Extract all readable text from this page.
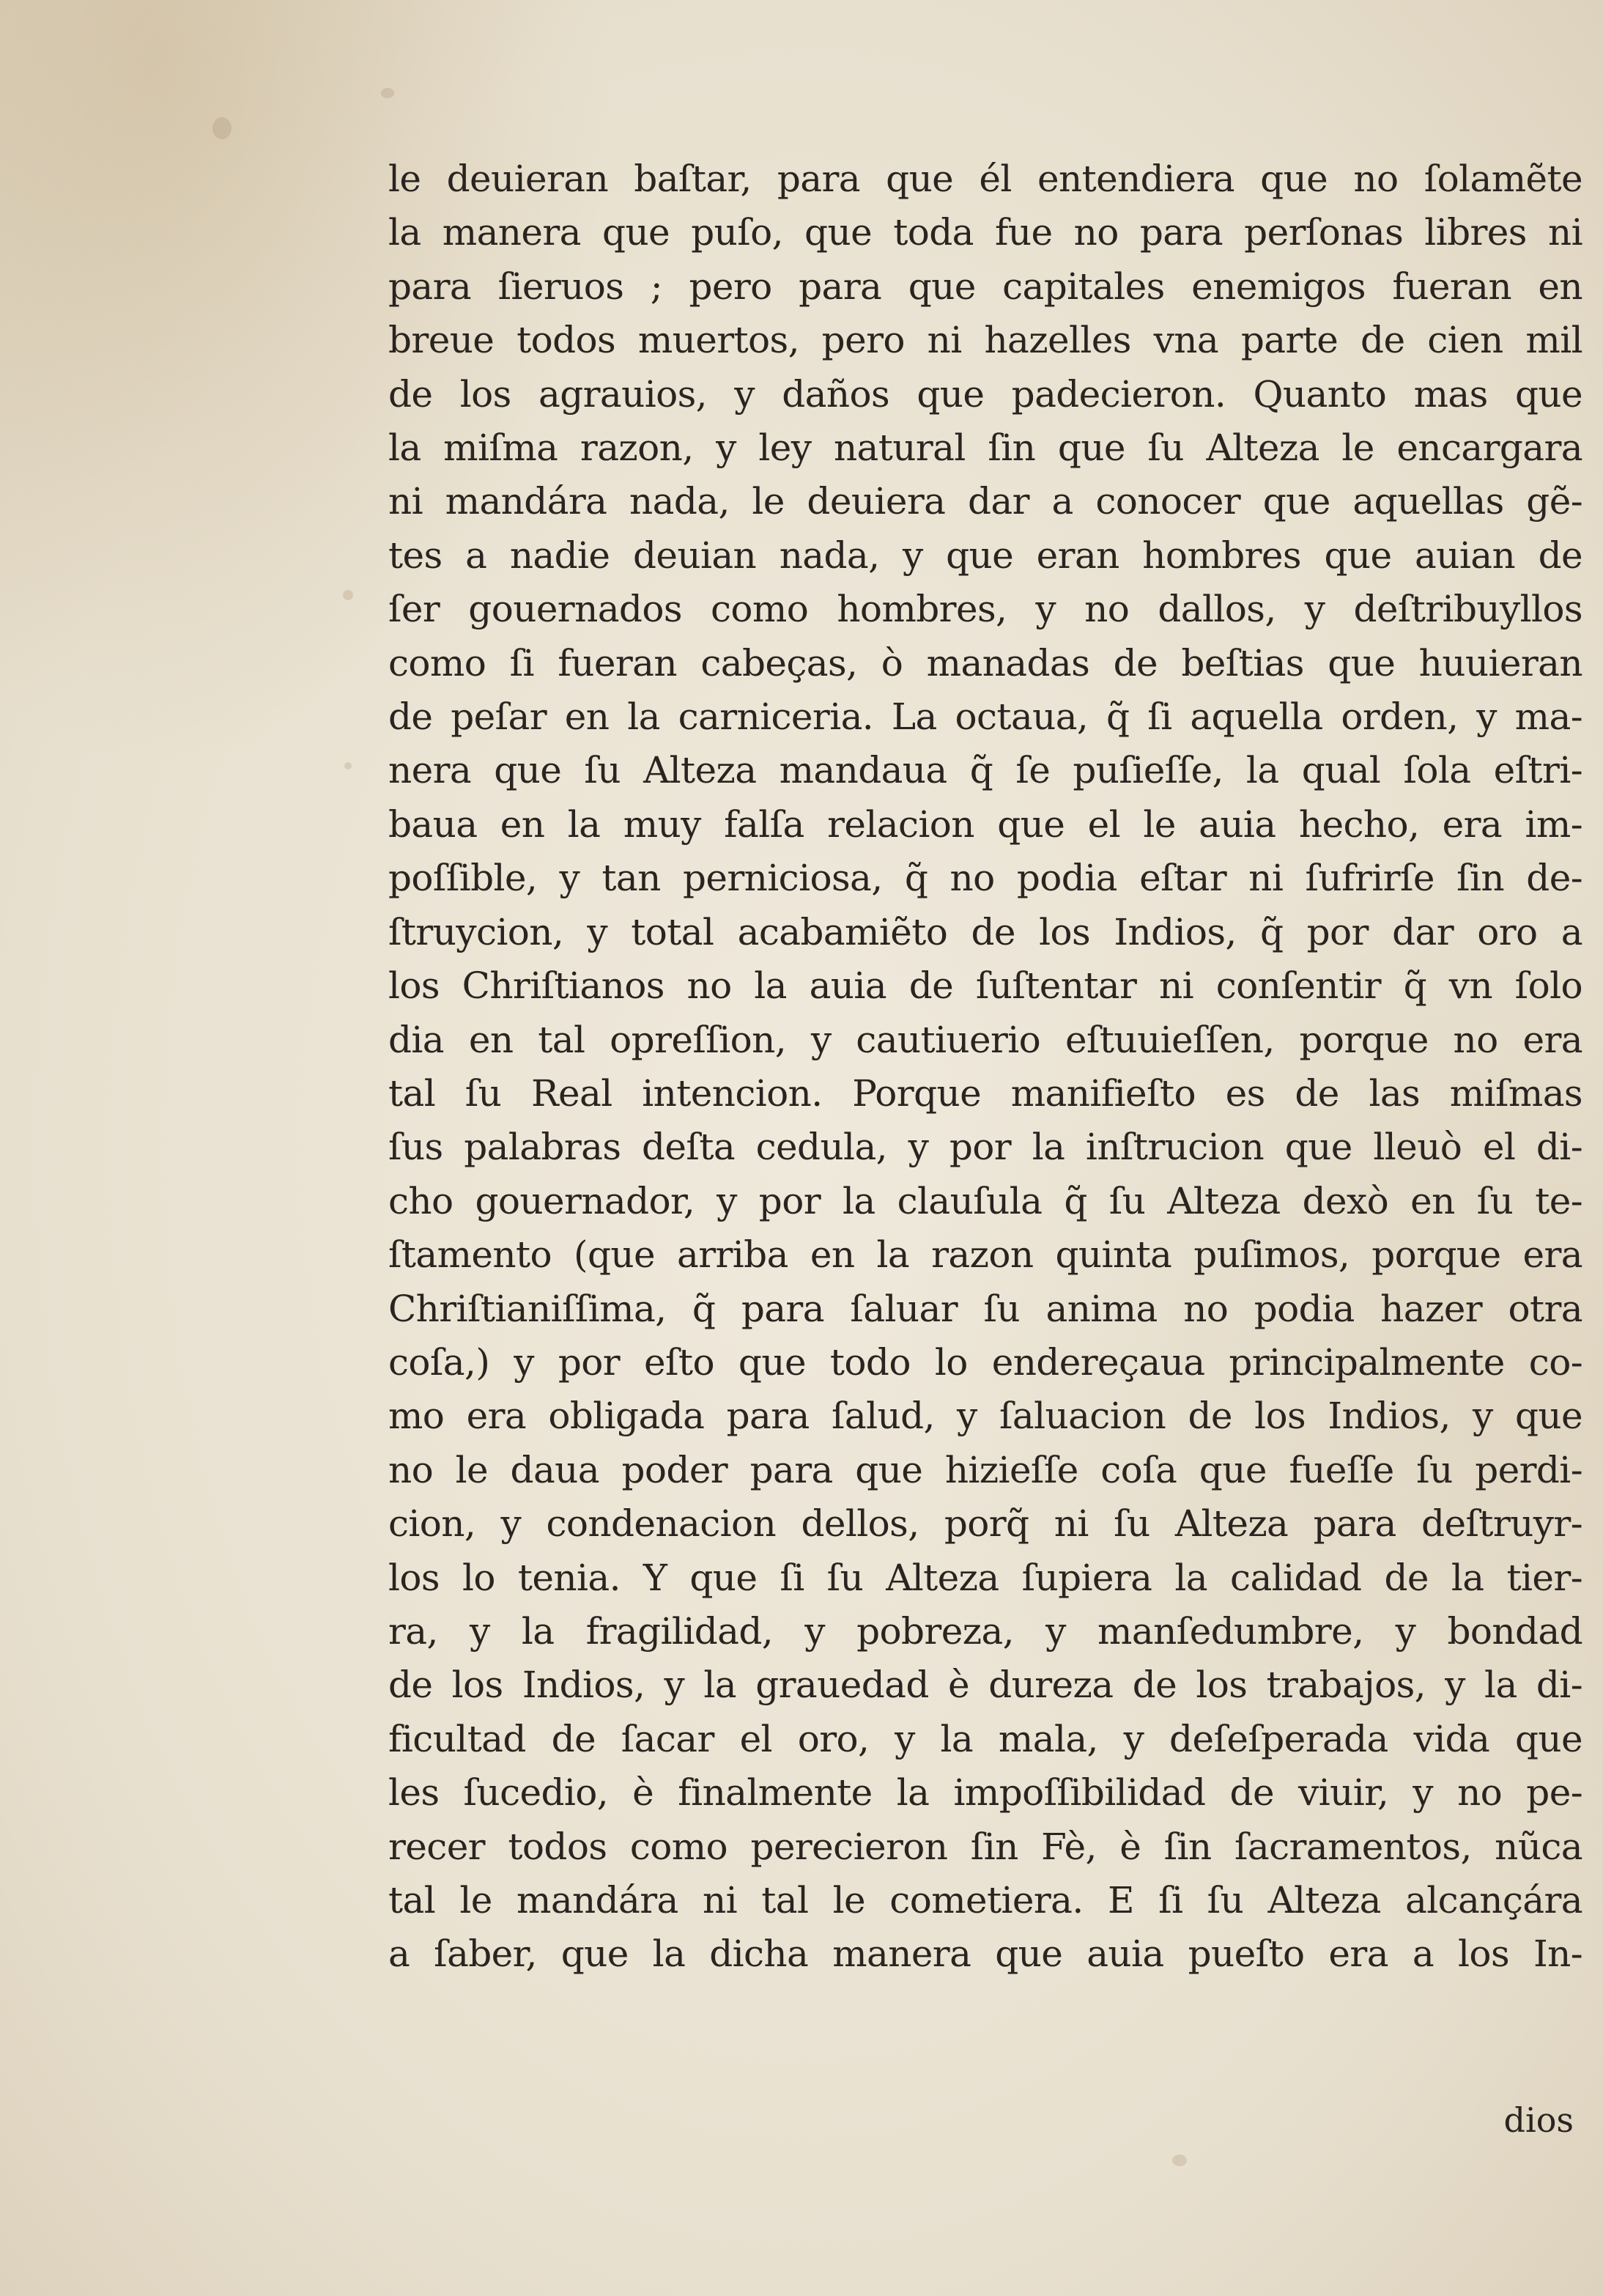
le deuieran baſtar, para que él entendiera que no ſolamẽte
la manera que puſo, que toda fue no para perſonas libres ni
para ſieruos ; pero para que capitales enemigos fueran en
breue todos muertos, pero ni hazelles vna parte de cien mil
de los agrauios, y daños que padecieron. Quanto mas que
la miſma razon, y ley natural ſin que ſu Alteza le encargara
ni mandára nada, le deuiera dar a conocer que aquellas gẽ-
tes a nadie deuian nada, y que eran hombres que auian de
ſer gouernados como hombres, y no dallos, y deſtribuyllos
como ſi fueran cabeças, ò manadas de beſtias que huuieran
de peſar en la carniceria. La octaua, q̃ ſi aquella orden, y ma-
nera que ſu Alteza mandaua q̃ ſe puſieſſe, la qual ſola eſtri-
baua en la muy falſa relacion que el le auia hecho, era im-
poſſible, y tan perniciosa, q̃ no podia eſtar ni ſufrirſe ſin de-
ſtruycion, y total acabamiẽto de los Indios, q̃ por dar oro a
los Chriſtianos no la auia de ſuſtentar ni conſentir q̃ vn ſolo
dia en tal opreſſion, y cautiuerio eſtuuieſſen, porque no era
tal ſu Real intencion. Porque manifieſto es de las miſmas
ſus palabras deſta cedula, y por la inſtrucion que lleuò el di-
cho gouernador, y por la clauſula q̃ ſu Alteza dexò en ſu te-
ſtamento (que arriba en la razon quinta puſimos, porque era
Chriſtianiſſima, q̃ para ſaluar ſu anima no podia hazer otra
coſa,) y por eſto que todo lo endereçaua principalmente co-
mo era obligada para ſalud, y ſaluacion de los Indios, y que
no le daua poder para que hizieſſe coſa que fueſſe ſu perdi-
cion, y condenacion dellos, porq̃ ni ſu Alteza para deſtruyr-
los lo tenia. Y que ſi ſu Alteza ſupiera la calidad de la tier-
ra, y la fragilidad, y pobreza, y manſedumbre, y bondad
de los Indios, y la grauedad è dureza de los trabajos, y la di-
ficultad de ſacar el oro, y la mala, y deſeſperada vida que
les ſucedio, è finalmente la impoſſibilidad de viuir, y no pe-
recer todos como perecieron ſin Fè, è ſin ſacramentos, nũca
tal le mandára ni tal le cometiera. E ſi ſu Alteza alcançára
a ſaber, que la dicha manera que auia pueſto era a los In-
dios
